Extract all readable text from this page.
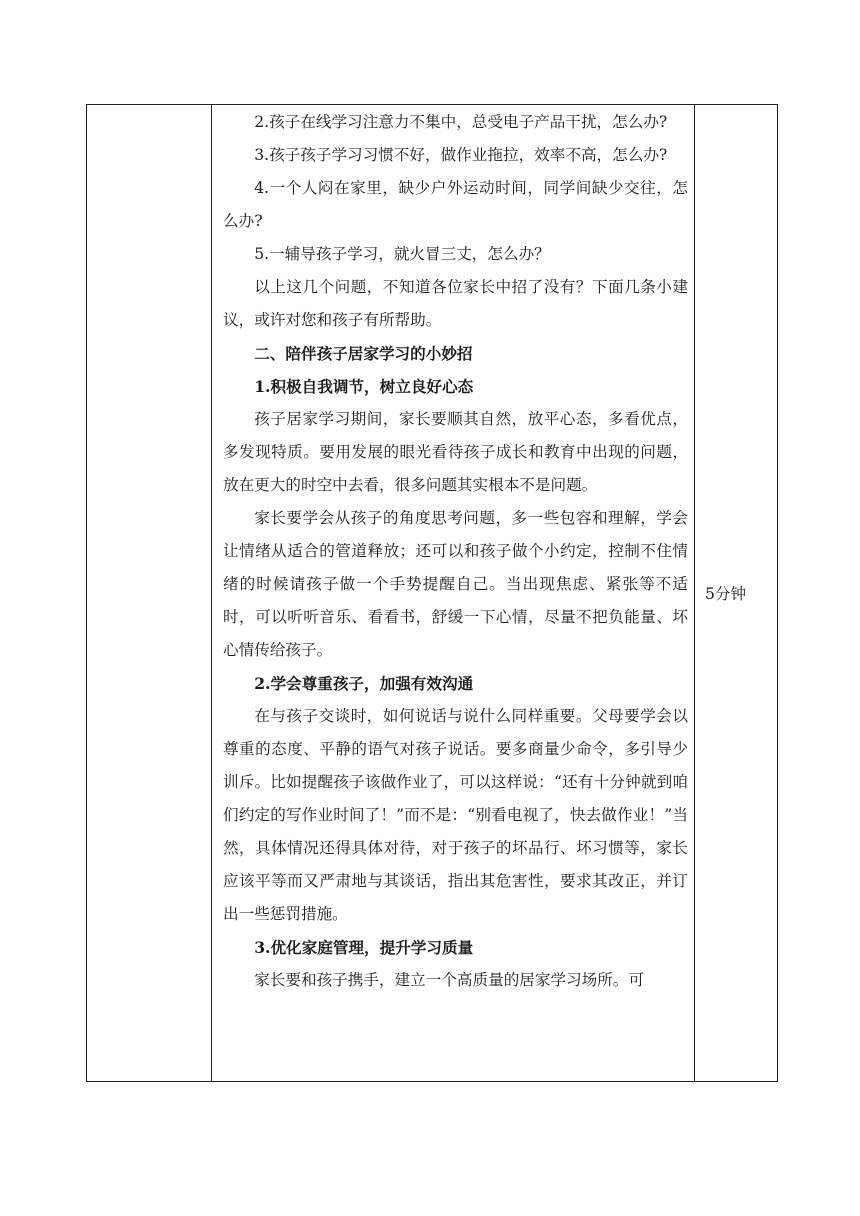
2.孩子在线学习注意力不集中，总受电子产品干扰，怎么办?

3.孩子孩子学习习惯不好，做作业拖拉，效率不高，怎么办?

4.一个人闷在家里，缺少户外运动时间，同学间缺少交往，怎么办?

5.一辅导孩子学习，就火冒三丈，怎么办？

以上这几个问题，不知道各位家长中招了没有？下面几条小建议，或许对您和孩子有所帮助。

二、陪伴孩子居家学习的小妙招

1.积极自我调节，树立良好心态

孩子居家学习期间，家长要顺其自然，放平心态，多看优点，多发现特质。要用发展的眼光看待孩子成长和教育中出现的问题，放在更大的时空中去看，很多问题其实根本不是问题。

家长要学会从孩子的角度思考问题，多一些包容和理解，学会让情绪从适合的管道释放；还可以和孩子做个小约定，控制不住情绪的时候请孩子做一个手势提醒自己。当出现焦虑、紧张等不适时，可以听听音乐、看看书，舒缓一下心情，尽量不把负能量、坏心情传给孩子。

2.学会尊重孩子，加强有效沟通

在与孩子交谈时，如何说话与说什么同样重要。父母要学会以尊重的态度、平静的语气对孩子说话。要多商量少命令，多引导少训斥。比如提醒孩子该做作业了，可以这样说：“还有十分钟就到咱们约定的写作业时间了！”而不是：“别看电视了，快去做作业！”当然，具体情况还得具体对待，对于孩子的坏品行、坏习惯等，家长应该平等而又严肃地与其谈话，指出其危害性，要求其改正，并订出一些惩罚措施。

3.优化家庭管理，提升学习质量

家长要和孩子携手，建立一个高质量的居家学习场所。可

	5分钟
